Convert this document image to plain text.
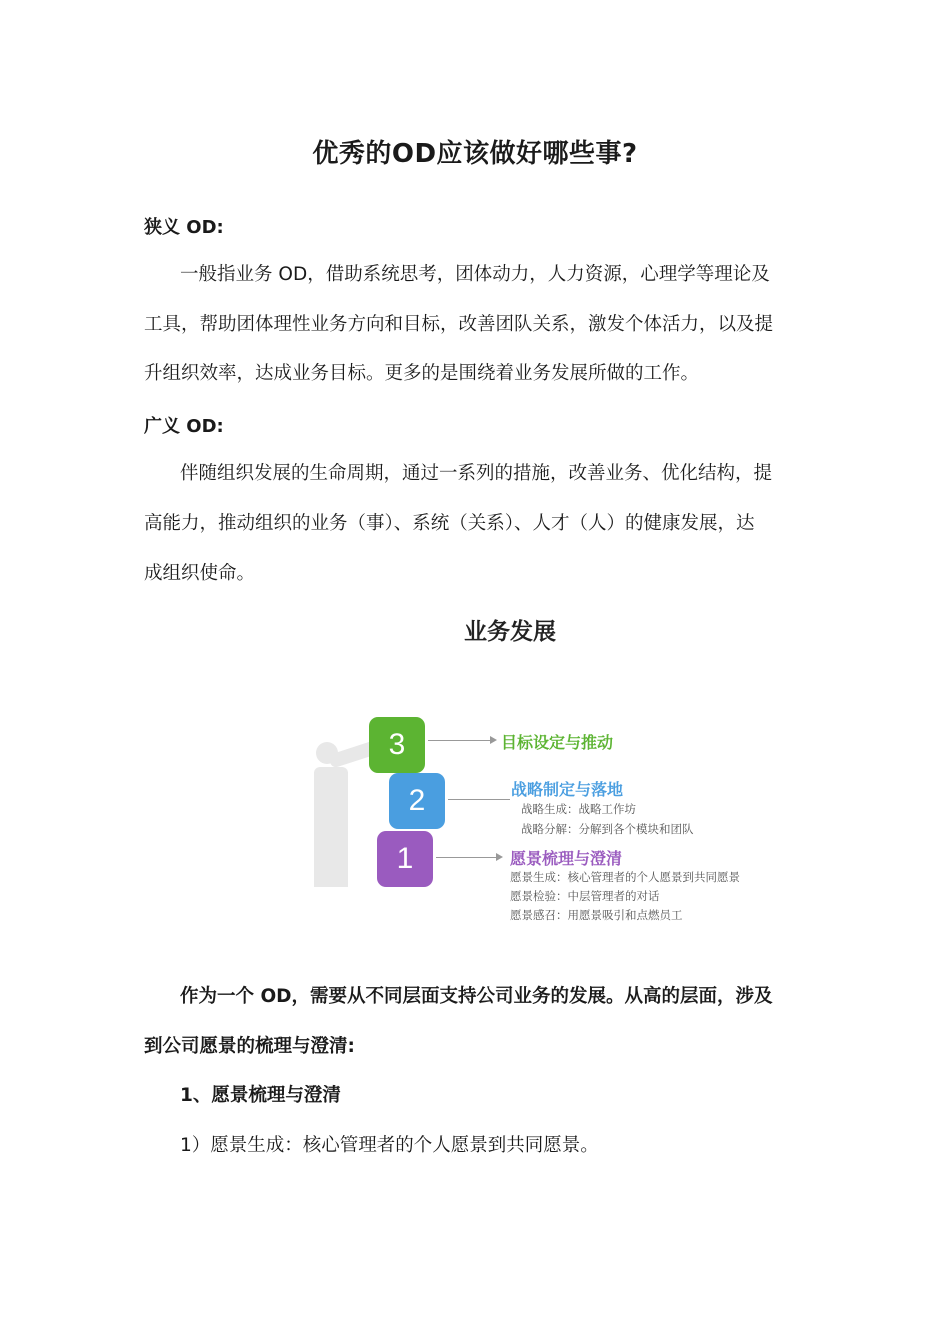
优秀的OD应该做好哪些事?
狭义 OD:
一般指业务 OD，借助系统思考，团体动力，人力资源，心理学等理论及
工具，帮助团体理性业务方向和目标，改善团队关系，激发个体活力，以及提
升组织效率，达成业务目标。更多的是围绕着业务发展所做的工作。
广义 OD:
伴随组织发展的生命周期，通过一系列的措施，改善业务、优化结构，提
高能力，推动组织的业务（事）、系统（关系）、人才（人）的健康发展，达
成组织使命。
业务发展
3
2
1
目标设定与推动
战略制定与落地
战略生成：战略工作坊
战略分解：分解到各个模块和团队
愿景梳理与澄清
愿景生成：核心管理者的个人愿景到共同愿景
愿景检验：中层管理者的对话
愿景感召：用愿景吸引和点燃员工
作为一个 OD，需要从不同层面支持公司业务的发展。从高的层面，涉及
到公司愿景的梳理与澄清:
1、愿景梳理与澄清
1）愿景生成：核心管理者的个人愿景到共同愿景。
